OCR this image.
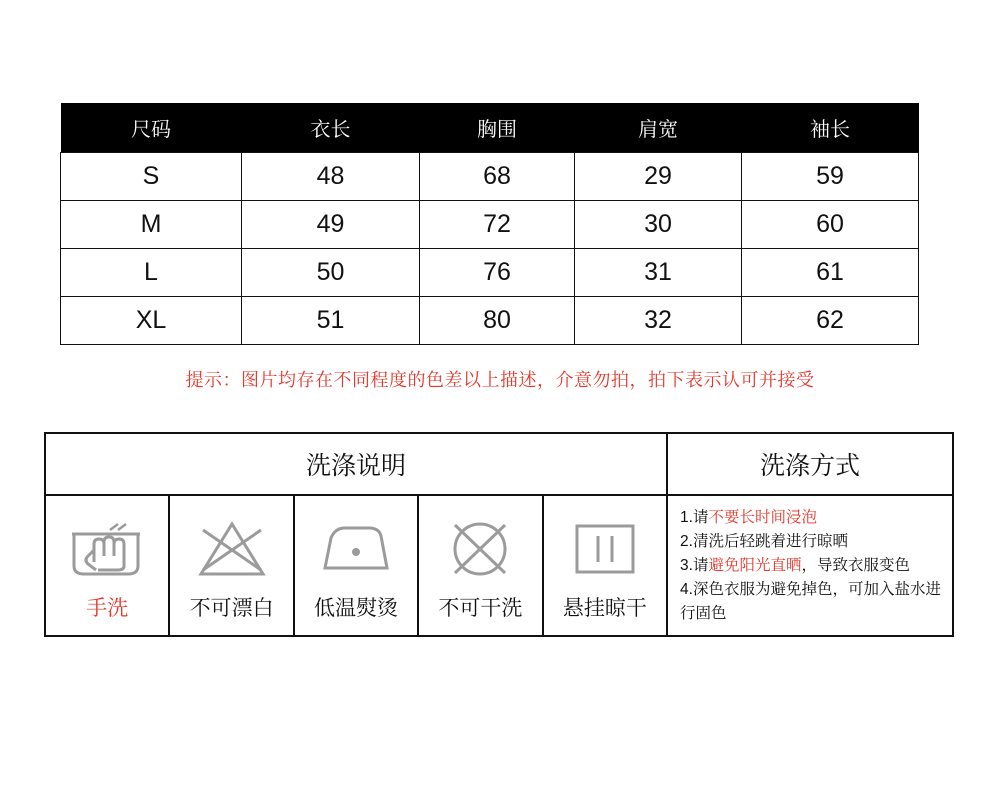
尺码	衣长	胸围	肩宽	袖长
S	48	68	29	59
M	49	72	30	60
L	50	76	31	61
XL	51	80	32	62
提示：图片均存在不同程度的色差以上描述，介意勿拍，拍下表示认可并接受
洗涤说明	洗涤方式
手洗	不可漂白 低温熨烫 不可干洗 悬挂晾干
1.请不要长时间浸泡
2.清洗后轻跳着进行晾晒
3.请避免阳光直晒，导致衣服变色
4.深色衣服为避免掉色，可加入盐水进行固色
